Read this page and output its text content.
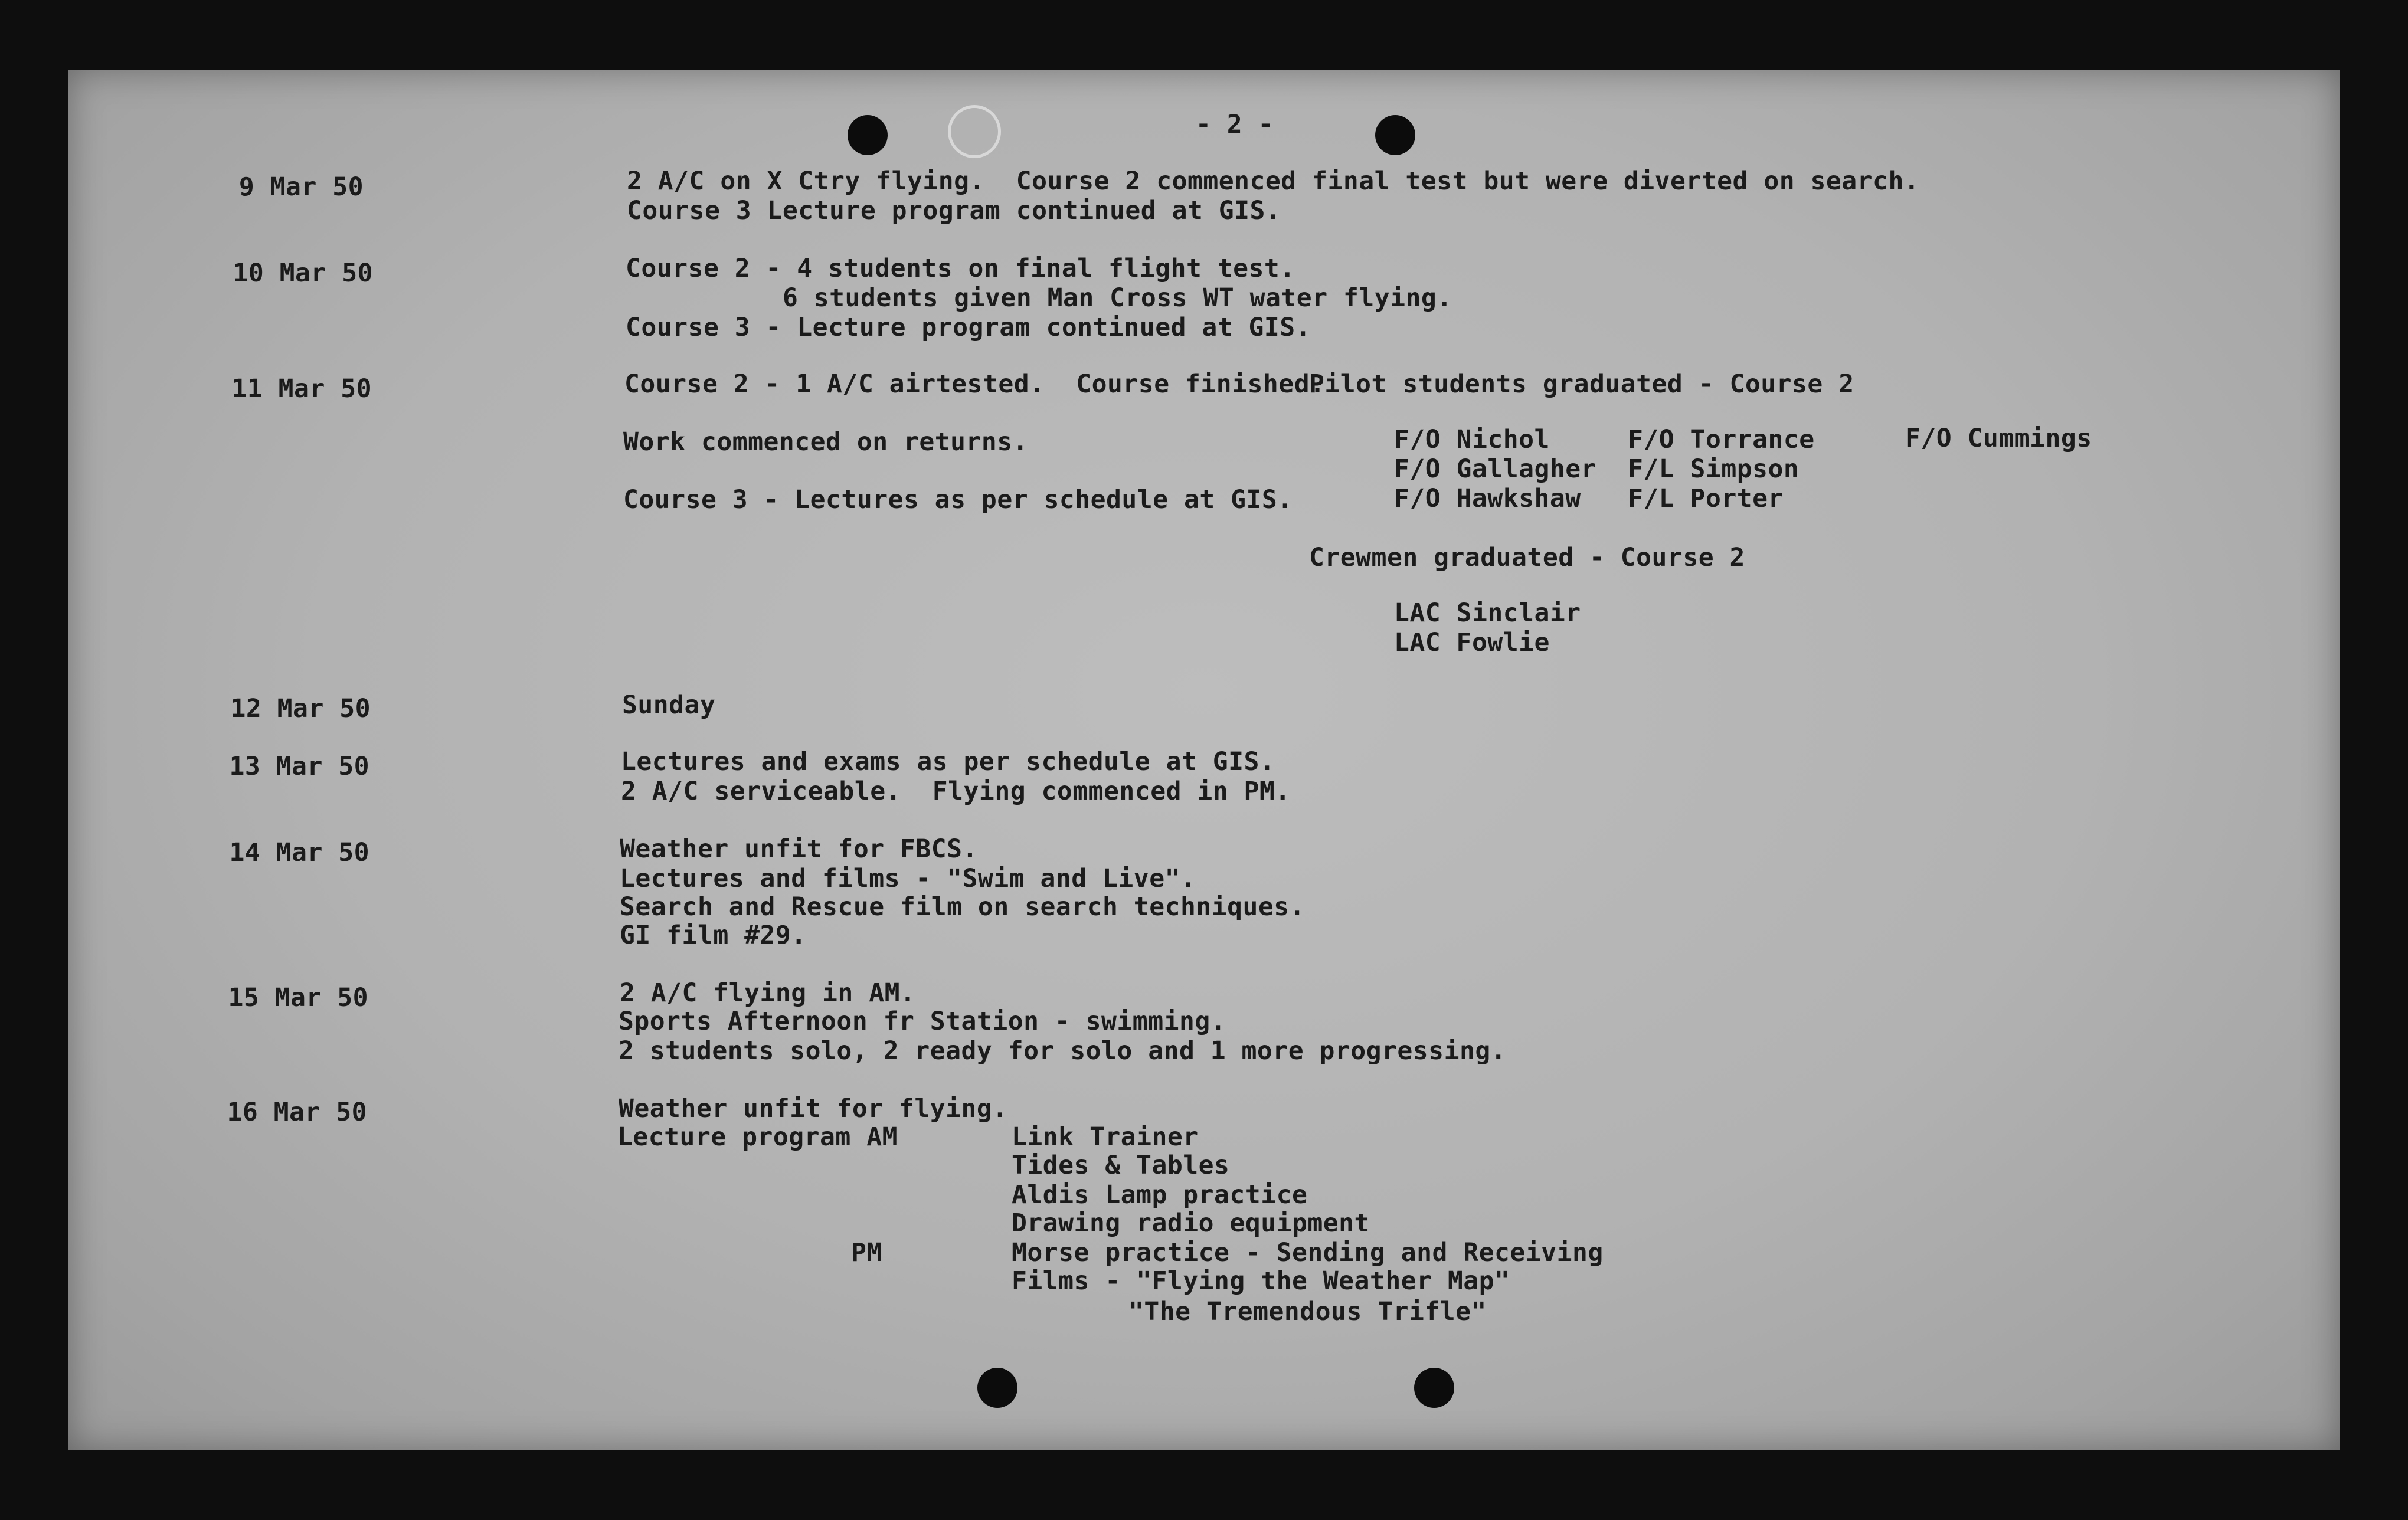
- 2 -
9 Mar 50	2 A/C on X Ctry flying.  Course 2 commenced final test but were diverted on search.
Course 3 Lecture program continued at GIS.
10 Mar 50	Course 2 - 4 students on final flight test.
6 students given Man Cross WT water flying.
Course 3 - Lecture program continued at GIS.
11 Mar 50	Course 2 - 1 A/C airtested.  Course finished.
Pilot students graduated - Course 2
Work commenced on returns.
Course 3 - Lectures as per schedule at GIS.
F/O Nichol	F/O Torrance	F/O Cummings
F/O Gallagher F/L Simpson
F/O Hawkshaw F/L Porter
Crewmen graduated - Course 2
LAC Sinclair
LAC Fowlie
12 Mar 50	Sunday
13 Mar 50	Lectures and exams as per schedule at GIS.
2 A/C serviceable.  Flying commenced in PM.
14 Mar 50	Weather unfit for FBCS.
Lectures and films - "Swim and Live".
Search and Rescue film on search techniques.
GI film #29.
15 Mar 50	2 A/C flying in AM.
Sports Afternoon fr Station - swimming.
2 students solo, 2 ready for solo and 1 more progressing.
16 Mar 50	Weather unfit for flying.
Lecture program AM	Link Trainer
Tides & Tables
Aldis Lamp practice
Drawing radio equipment
PM	Morse practice - Sending and Receiving
Films - "Flying the Weather Map"
"The Tremendous Trifle"
